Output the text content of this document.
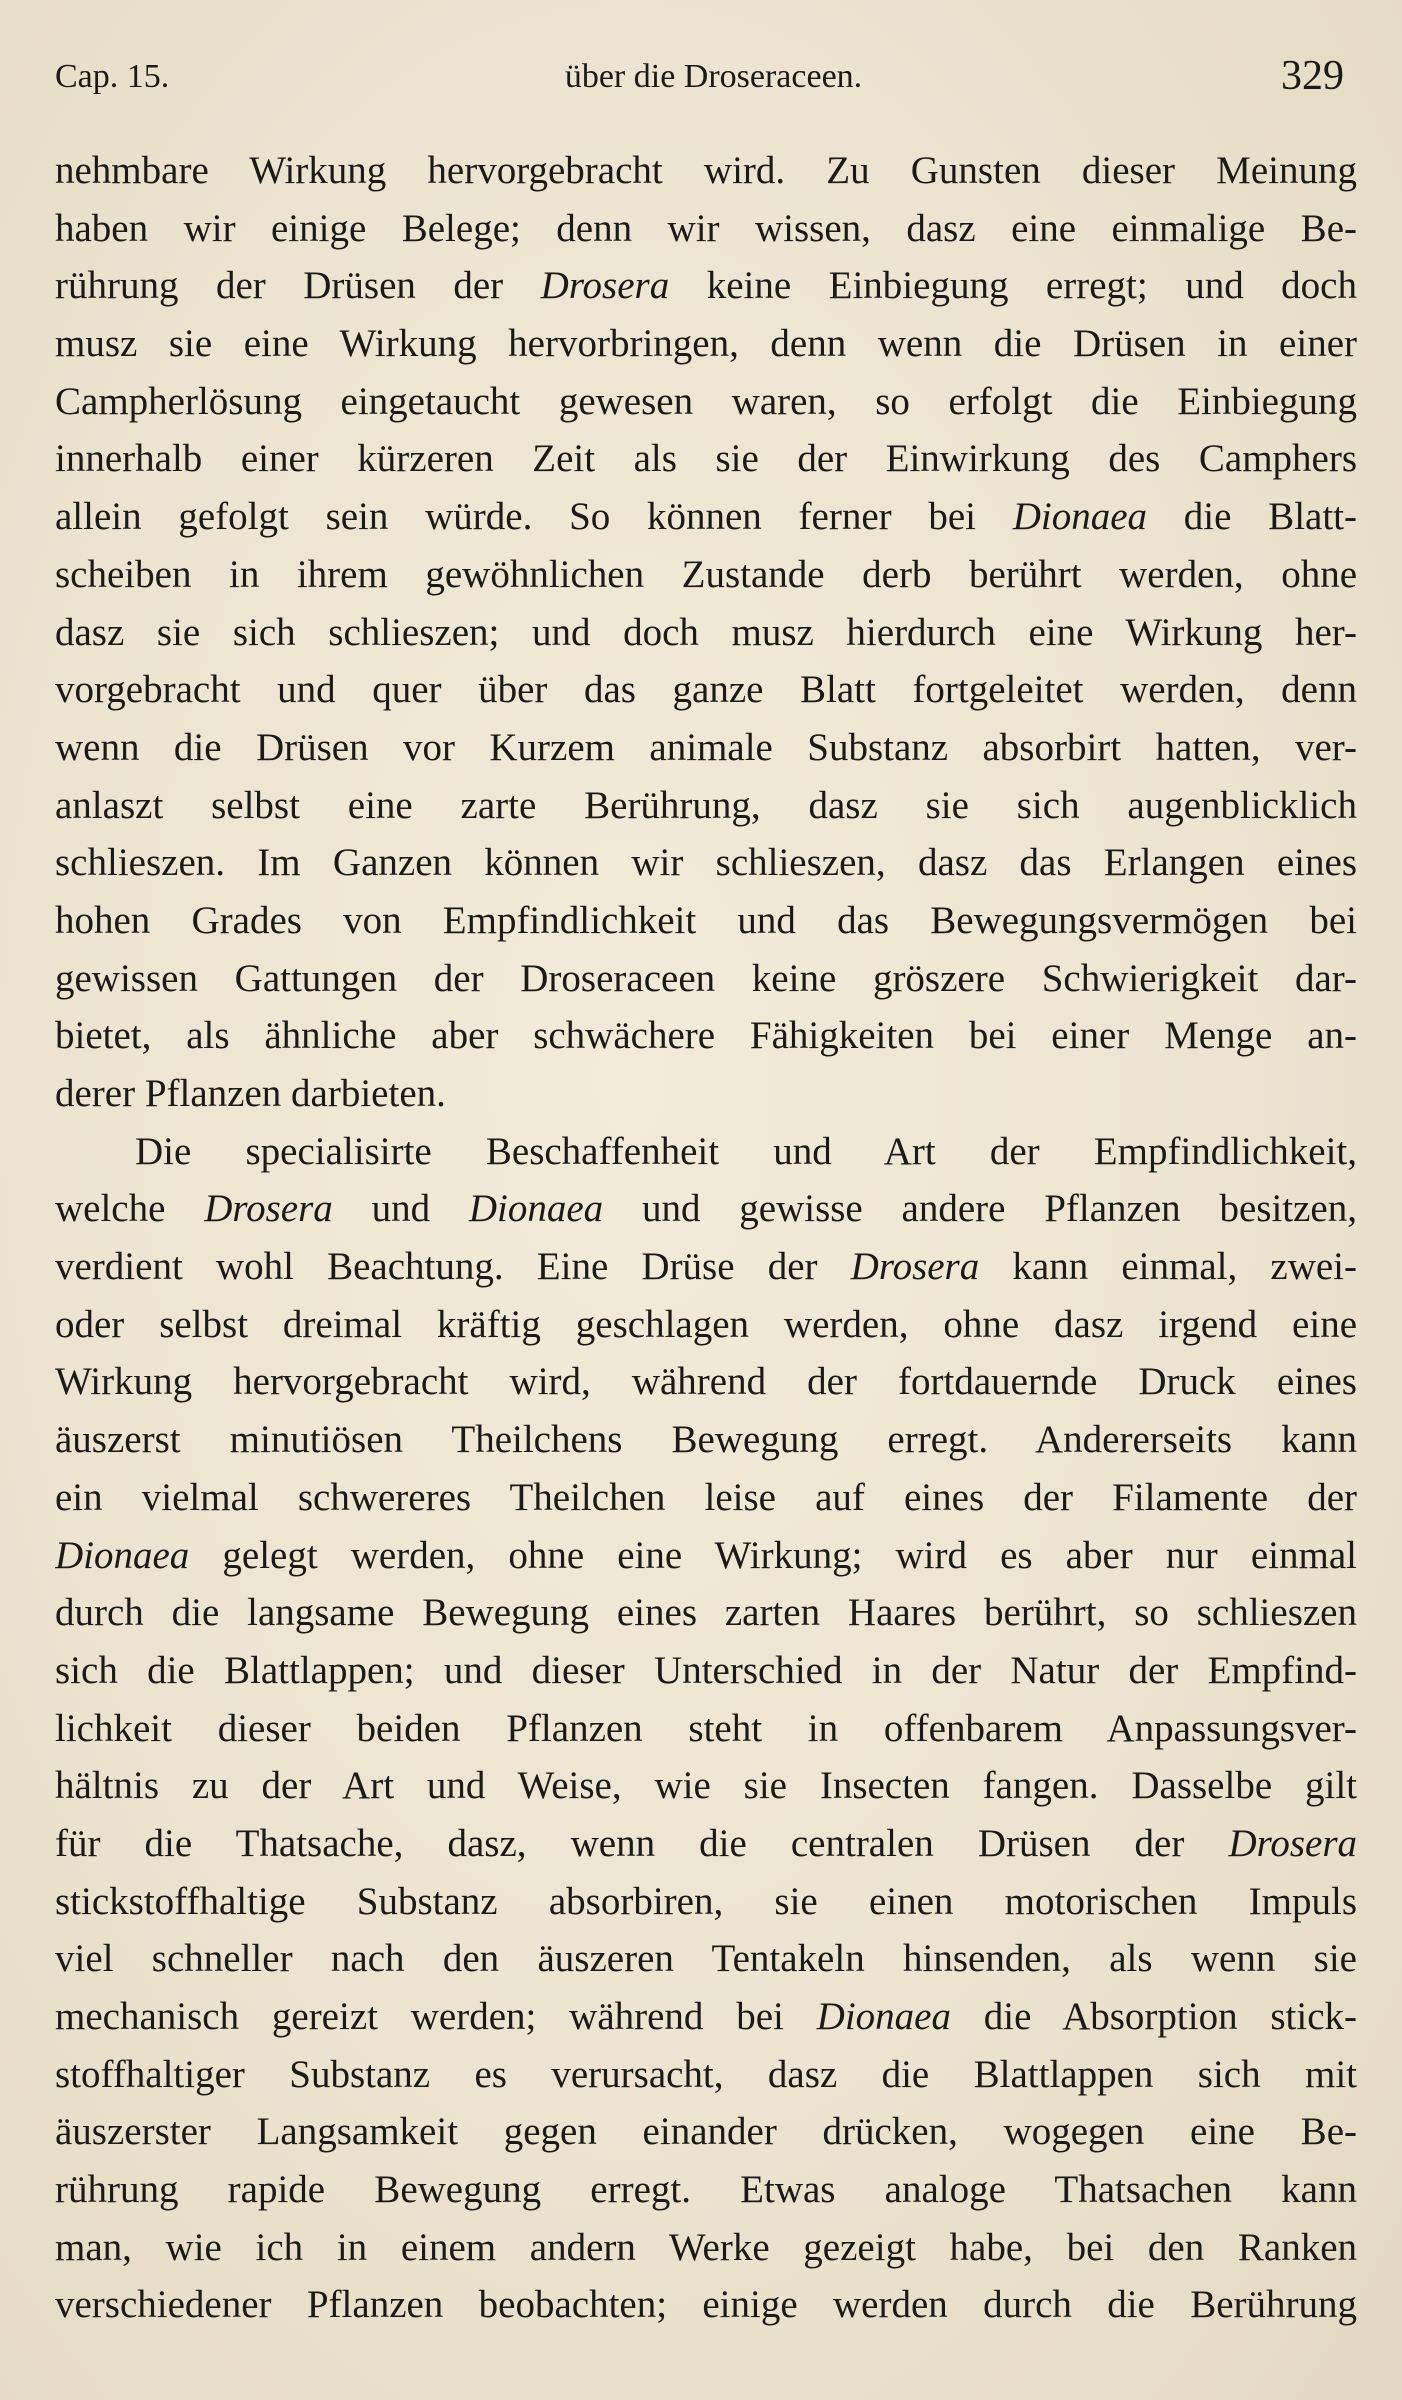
Cap. 15.	über die Droseraceen.	329
nehmbare Wirkung hervorgebracht wird. Zu Gunsten dieser Meinung
haben wir einige Belege; denn wir wissen, dasz eine einmalige Be-
rührung der Drüsen der Drosera keine Einbiegung erregt; und doch
musz sie eine Wirkung hervorbringen, denn wenn die Drüsen in einer
Campherlösung eingetaucht gewesen waren, so erfolgt die Einbiegung
innerhalb einer kürzeren Zeit als sie der Einwirkung des Camphers
allein gefolgt sein würde. So können ferner bei Dionaea die Blatt-
scheiben in ihrem gewöhnlichen Zustande derb berührt werden, ohne
dasz sie sich schlieszen; und doch musz hierdurch eine Wirkung her-
vorgebracht und quer über das ganze Blatt fortgeleitet werden, denn
wenn die Drüsen vor Kurzem animale Substanz absorbirt hatten, ver-
anlaszt selbst eine zarte Berührung, dasz sie sich augenblicklich
schlieszen. Im Ganzen können wir schlieszen, dasz das Erlangen eines
hohen Grades von Empfindlichkeit und das Bewegungsvermögen bei
gewissen Gattungen der Droseraceen keine gröszere Schwierigkeit dar-
bietet, als ähnliche aber schwächere Fähigkeiten bei einer Menge an-
derer Pflanzen darbieten.
Die specialisirte Beschaffenheit und Art der Empfindlichkeit,
welche Drosera und Dionaea und gewisse andere Pflanzen besitzen,
verdient wohl Beachtung. Eine Drüse der Drosera kann einmal, zwei-
oder selbst dreimal kräftig geschlagen werden, ohne dasz irgend eine
Wirkung hervorgebracht wird, während der fortdauernde Druck eines
äuszerst minutiösen Theilchens Bewegung erregt. Andererseits kann
ein vielmal schwereres Theilchen leise auf eines der Filamente der
Dionaea gelegt werden, ohne eine Wirkung; wird es aber nur einmal
durch die langsame Bewegung eines zarten Haares berührt, so schlieszen
sich die Blattlappen; und dieser Unterschied in der Natur der Empfind-
lichkeit dieser beiden Pflanzen steht in offenbarem Anpassungsver-
hältnis zu der Art und Weise, wie sie Insecten fangen. Dasselbe gilt
für die Thatsache, dasz, wenn die centralen Drüsen der Drosera
stickstoffhaltige Substanz absorbiren, sie einen motorischen Impuls
viel schneller nach den äuszeren Tentakeln hinsenden, als wenn sie
mechanisch gereizt werden; während bei Dionaea die Absorption stick-
stoffhaltiger Substanz es verursacht, dasz die Blattlappen sich mit
äuszerster Langsamkeit gegen einander drücken, wogegen eine Be-
rührung rapide Bewegung erregt. Etwas analoge Thatsachen kann
man, wie ich in einem andern Werke gezeigt habe, bei den Ranken
verschiedener Pflanzen beobachten; einige werden durch die Berührung
